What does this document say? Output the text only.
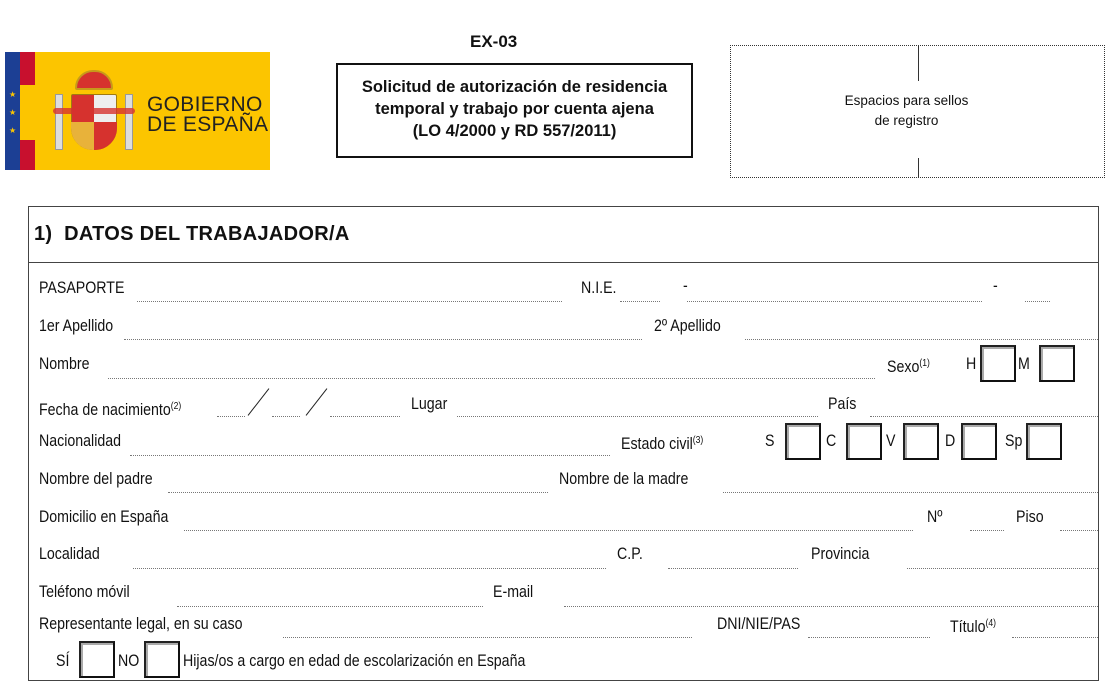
★
★
★
GOBIERNO
DE ESPAÑA
EX-03
Solicitud de autorización de residencia
temporal y trabajo por cuenta ajena
(LO 4/2000 y RD 557/2011)
Espacios para sellos
de registro
1)  DATOS DEL TRABAJADOR/A
PASAPORTE	N.I.E.	-	-
1er Apellido	2º Apellido
Nombre	Sexo$^{(1)}$ H	M
Fecha de nacimiento$^{(2)}$	Lugar	País
Nacionalidad	Estado civil$^{(3)}$	S	C	V	D	Sp
Nombre del padre	Nombre de la madre
Domicilio en España	Nº	Piso
Localidad	C.P.	Provincia
Teléfono móvil	E-mail
Representante legal, en su caso	DNI/NIE/PAS	Título$^{(4)}$
SÍ	NO	Hijas/os a cargo en edad de escolarización en España
